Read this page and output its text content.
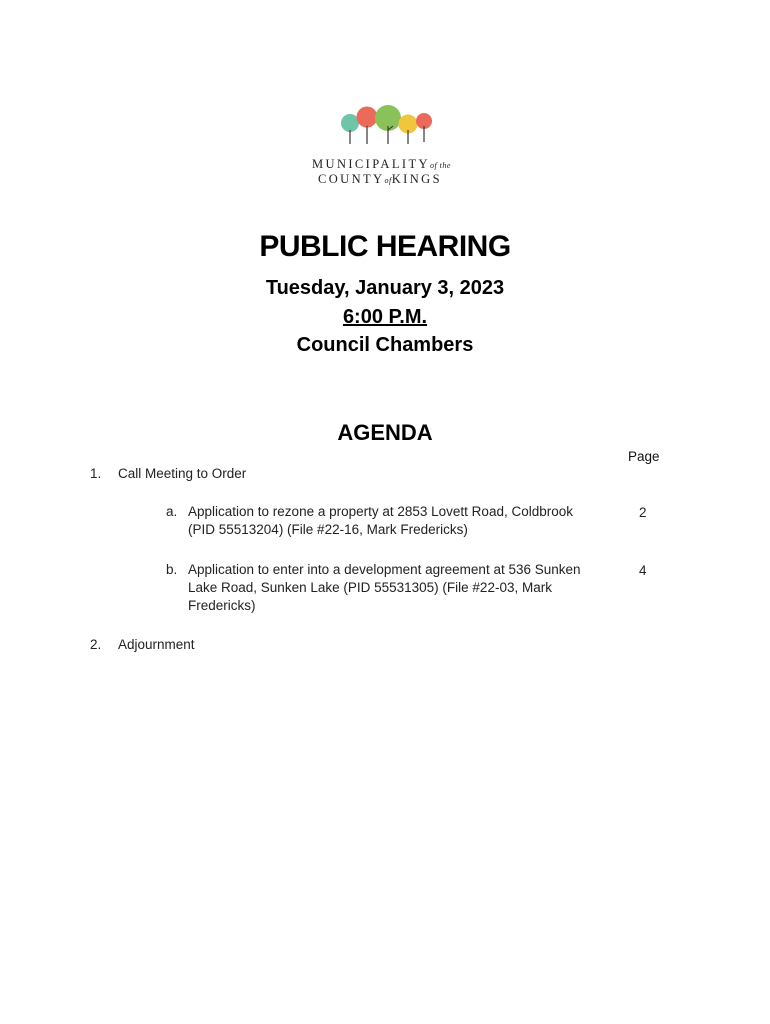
MUNICIPALITYof the
COUNTYofKINGS
PUBLIC HEARING
Tuesday, January 3, 2023
6:00 P.M.
Council Chambers
AGENDA
Page
1. Call Meeting to Order
a. Application to rezone a property at 2853 Lovett Road, Coldbrook
(PID 55513204) (File #22-16, Mark Fredericks)
2
b. Application to enter into a development agreement at 536 Sunken
Lake Road, Sunken Lake (PID 55531305) (File #22-03, Mark
Fredericks)
4
2. Adjournment
